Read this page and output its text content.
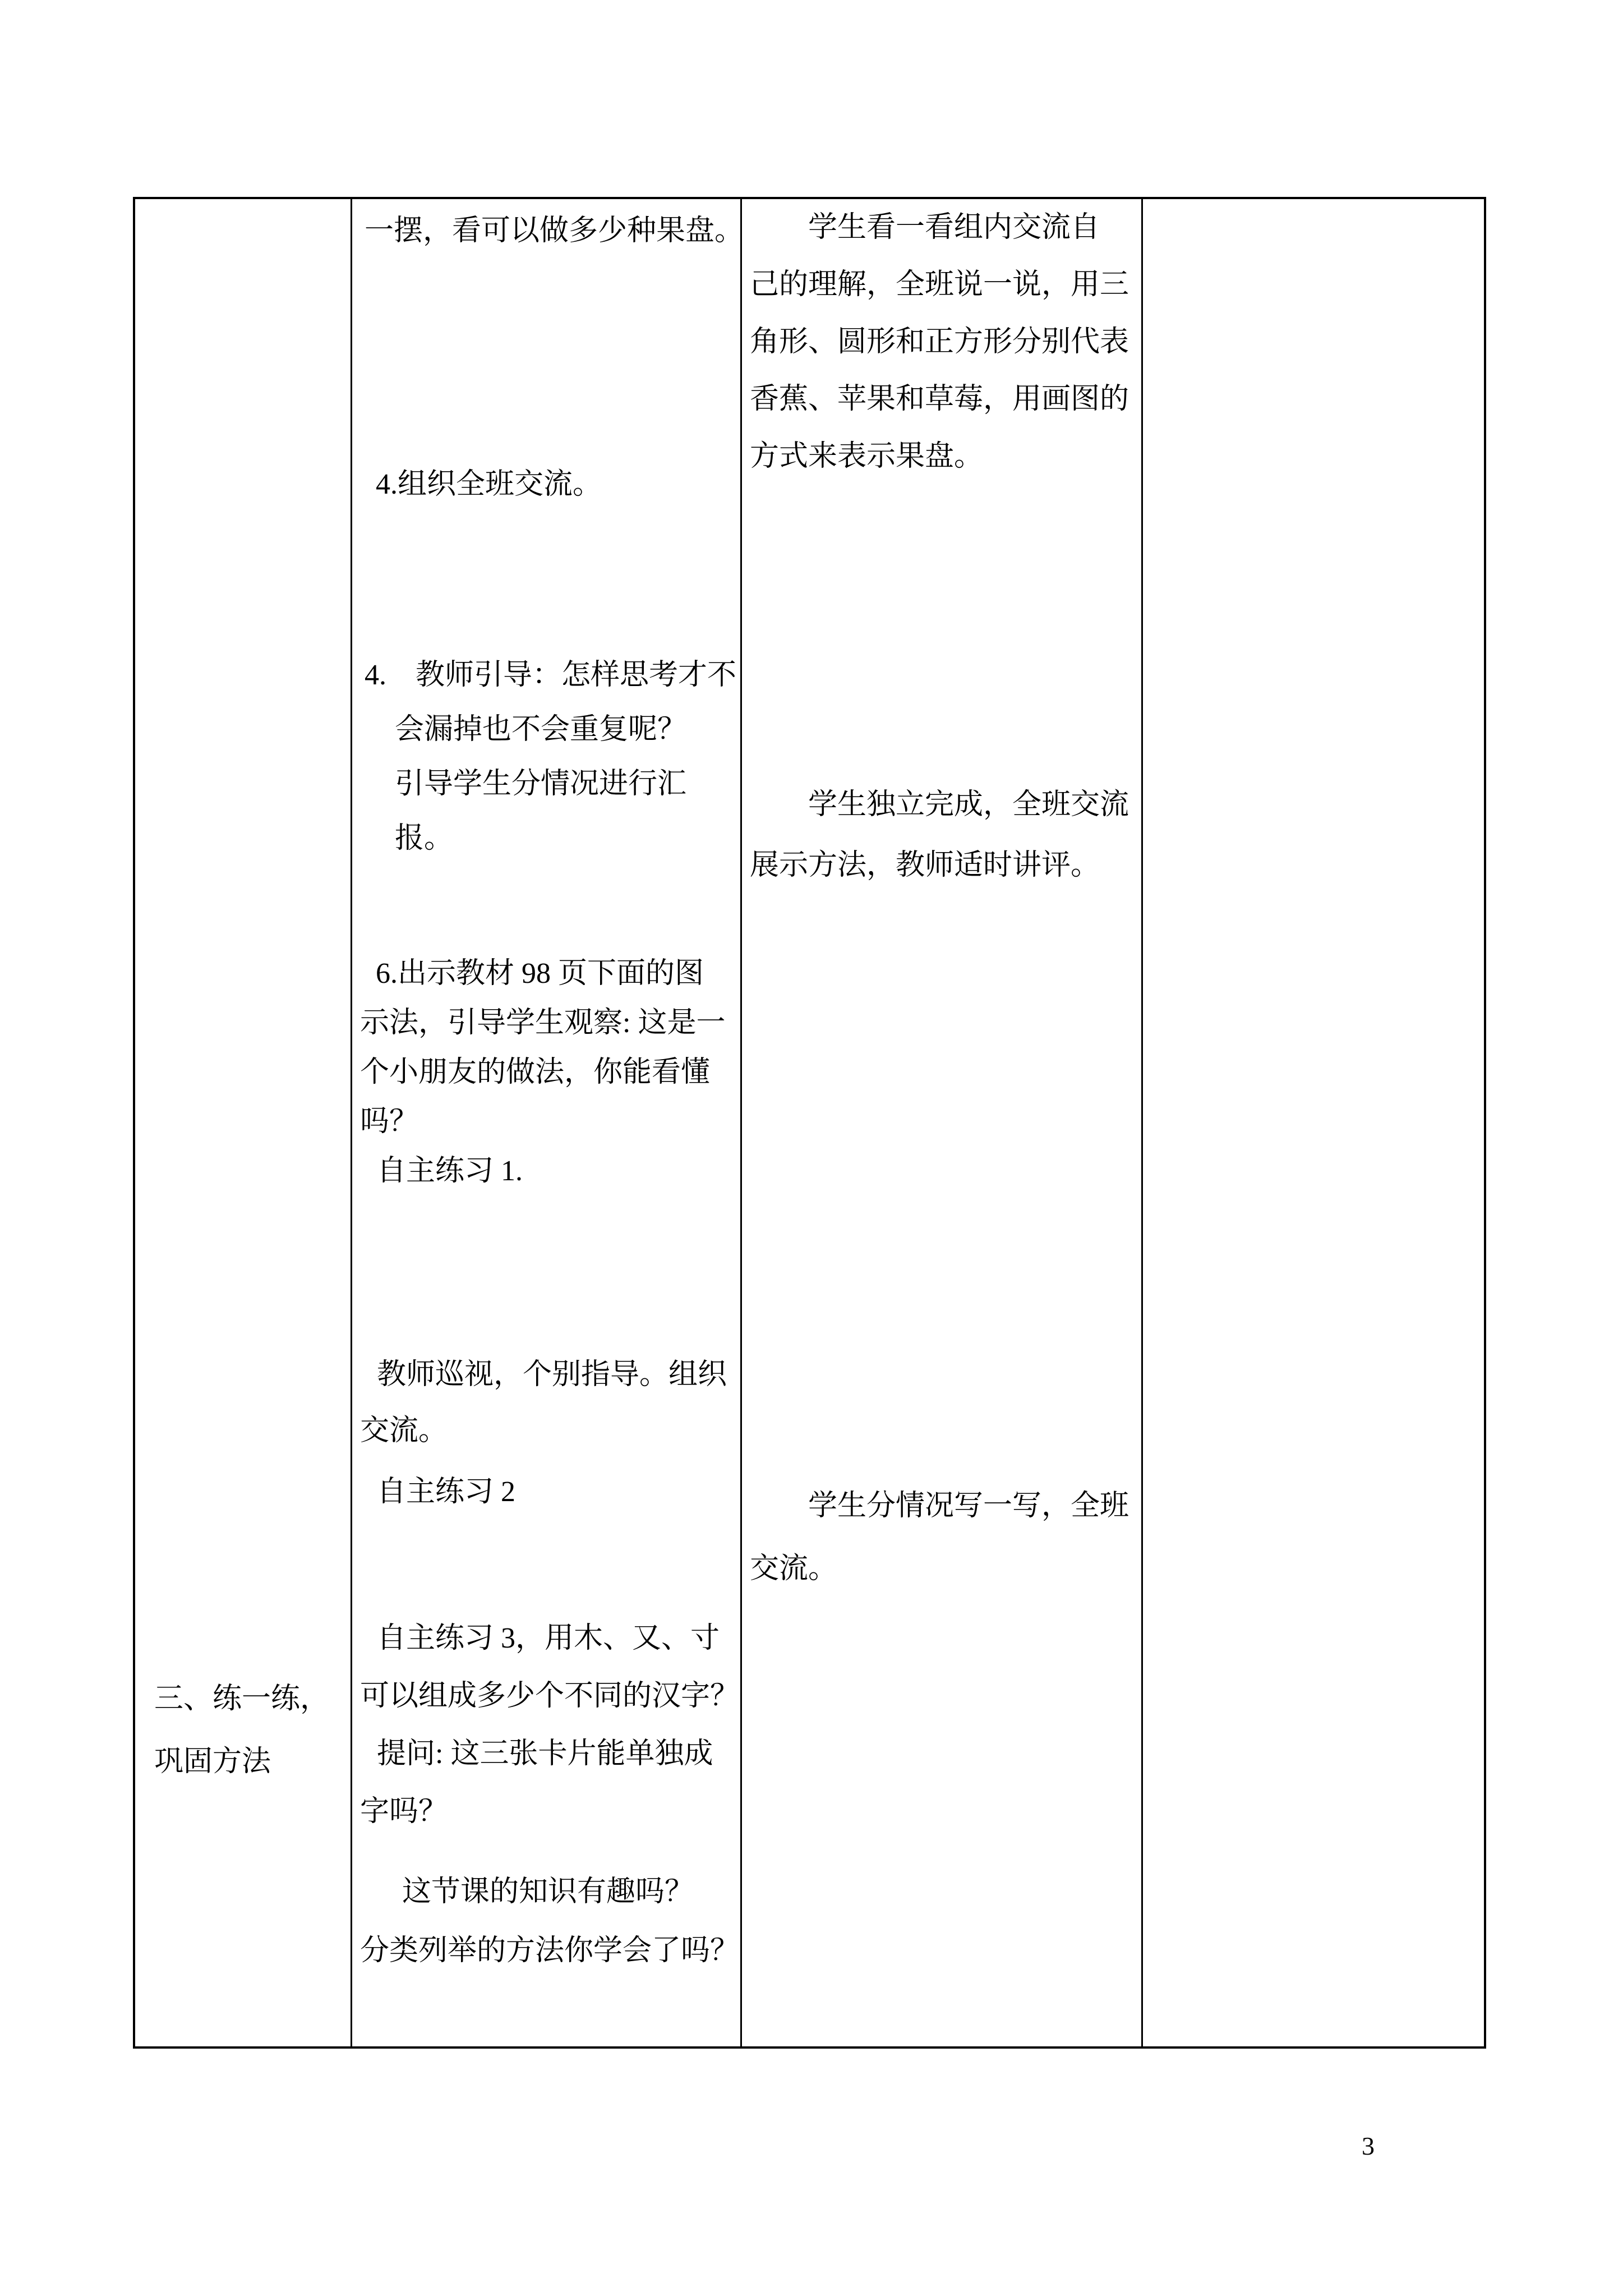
三、练一练，
巩固方法
一摆，看可以做多少种果盘。
4.组织全班交流。
4.　教师引导：怎样思考才不
会漏掉也不会重复呢？
引导学生分情况进行汇
报。
6.出示教材 98 页下面的图
示法，引导学生观察: 这是一
个小朋友的做法，你能看懂
吗？
自主练习 1.
教师巡视，个别指导。组织
交流。
自主练习 2
自主练习 3，用木、又、寸
可以组成多少个不同的汉字？
提问: 这三张卡片能单独成
字吗？
这节课的知识有趣吗？
分类列举的方法你学会了吗？
学生看一看组内交流自
己的理解，全班说一说，用三
角形、圆形和正方形分别代表
香蕉、苹果和草莓，用画图的
方式来表示果盘。
学生独立完成，全班交流
展示方法，教师适时讲评。
学生分情况写一写，全班
交流。
3
